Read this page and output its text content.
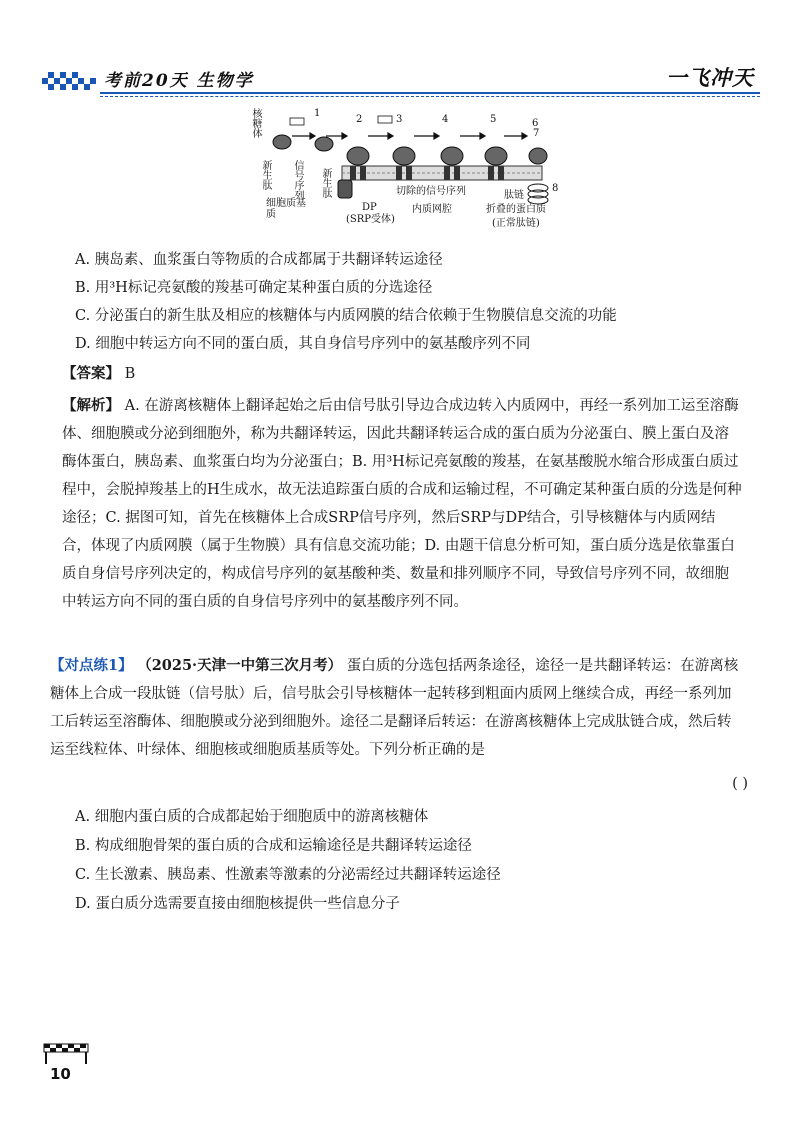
考前20天 生物学	一飞冲天
1
2	3	4	5	6
7
8
核糖体
新生肽 信号序列 新生肽
细胞质基质
DP
(SRP受体)
切除的信号序列
内质网腔
肽链
折叠的蛋白质
(正常肽链)
A. 胰岛素、血浆蛋白等物质的合成都属于共翻译转运途径
B. 用³H标记亮氨酸的羧基可确定某种蛋白质的分选途径
C. 分泌蛋白的新生肽及相应的核糖体与内质网膜的结合依赖于生物膜信息交流的功能
D. 细胞中转运方向不同的蛋白质，其自身信号序列中的氨基酸序列不同
【答案】 B
【解析】 A. 在游离核糖体上翻译起始之后由信号肽引导边合成边转入内质网中，再经一系列加工运至溶酶体、细胞膜或分泌到细胞外，称为共翻译转运，因此共翻译转运合成的蛋白质为分泌蛋白、膜上蛋白及溶酶体蛋白，胰岛素、血浆蛋白均为分泌蛋白；B. 用³H标记亮氨酸的羧基，在氨基酸脱水缩合形成蛋白质过程中，会脱掉羧基上的H生成水，故无法追踪蛋白质的合成和运输过程，不可确定某种蛋白质的分选是何种途径；C. 据图可知，首先在核糖体上合成SRP信号序列，然后SRP与DP结合，引导核糖体与内质网结合，体现了内质网膜（属于生物膜）具有信息交流功能；D. 由题干信息分析可知，蛋白质分选是依靠蛋白质自身信号序列决定的，构成信号序列的氨基酸种类、数量和排列顺序不同，导致信号序列不同，故细胞中转运方向不同的蛋白质的自身信号序列中的氨基酸序列不同。
【对点练1】 （2025·天津一中第三次月考） 蛋白质的分选包括两条途径，途径一是共翻译转运：在游离核糖体上合成一段肽链（信号肽）后，信号肽会引导核糖体一起转移到粗面内质网上继续合成，再经一系列加工后转运至溶酶体、细胞膜或分泌到细胞外。途径二是翻译后转运：在游离核糖体上完成肽链合成，然后转运至线粒体、叶绿体、细胞核或细胞质基质等处。下列分析正确的是
( )
A. 细胞内蛋白质的合成都起始于细胞质中的游离核糖体
B. 构成细胞骨架的蛋白质的合成和运输途径是共翻译转运途径
C. 生长激素、胰岛素、性激素等激素的分泌需经过共翻译转运途径
D. 蛋白质分选需要直接由细胞核提供一些信息分子
10
